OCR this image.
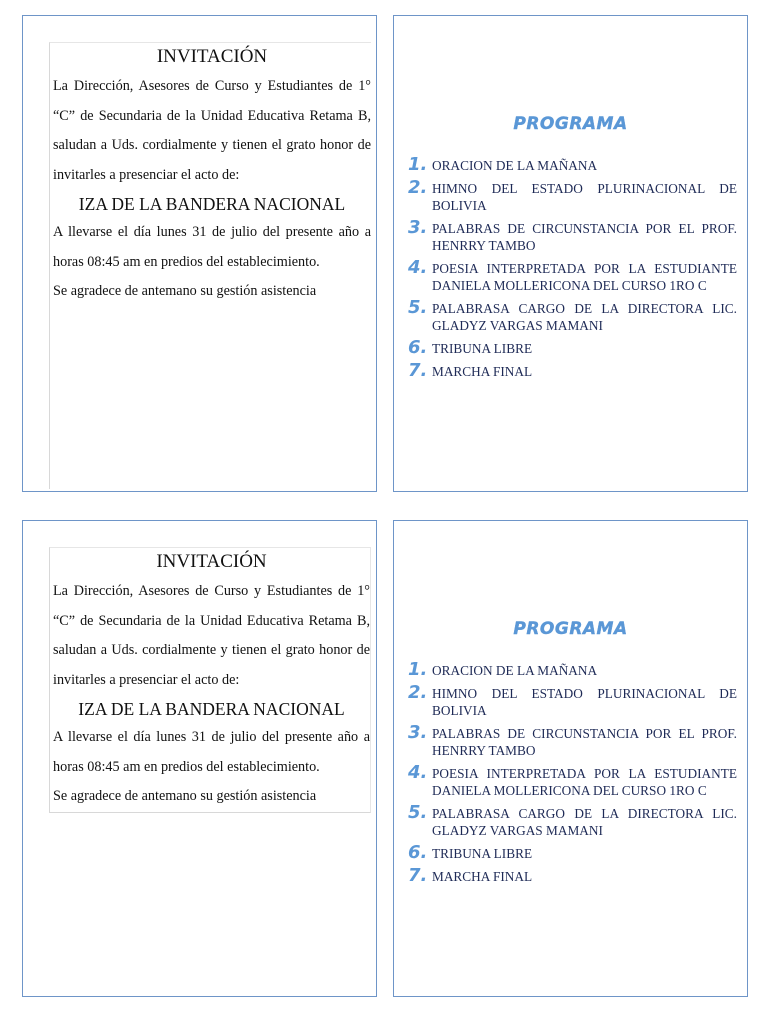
INVITACIÓN

La Dirección, Asesores de Curso y Estudiantes de 1° “C” de Secundaria de la Unidad Educativa Retama B, saludan a Uds. cordialmente y tienen el grato honor de invitarles a presenciar el acto de:

IZA DE LA BANDERA NACIONAL

A llevarse el día lunes 31 de julio del presente año a horas 08:45 am en predios del establecimiento.

Se agradece de antemano su gestión asistencia

PROGRAMA
1. ORACION DE LA MAÑANA
2. HIMNO DEL ESTADO PLURINACIONAL DE BOLIVIA
3. PALABRAS DE CIRCUNSTANCIA POR EL PROF. HENRRY TAMBO
4. POESIA INTERPRETADA POR LA ESTUDIANTE DANIELA MOLLERICONA DEL CURSO 1RO C
5. PALABRASA CARGO DE LA DIRECTORA LIC. GLADYZ VARGAS MAMANI
6. TRIBUNA LIBRE
7. MARCHA FINAL

INVITACIÓN

La Dirección, Asesores de Curso y Estudiantes de 1° “C” de Secundaria de la Unidad Educativa Retama B, saludan a Uds. cordialmente y tienen el grato honor de invitarles a presenciar el acto de:

IZA DE LA BANDERA NACIONAL

A llevarse el día lunes 31 de julio del presente año a horas 08:45 am en predios del establecimiento.

Se agradece de antemano su gestión asistencia

PROGRAMA
1. ORACION DE LA MAÑANA
2. HIMNO DEL ESTADO PLURINACIONAL DE BOLIVIA
3. PALABRAS DE CIRCUNSTANCIA POR EL PROF. HENRRY TAMBO
4. POESIA INTERPRETADA POR LA ESTUDIANTE DANIELA MOLLERICONA DEL CURSO 1RO C
5. PALABRASA CARGO DE LA DIRECTORA LIC. GLADYZ VARGAS MAMANI
6. TRIBUNA LIBRE
7. MARCHA FINAL
